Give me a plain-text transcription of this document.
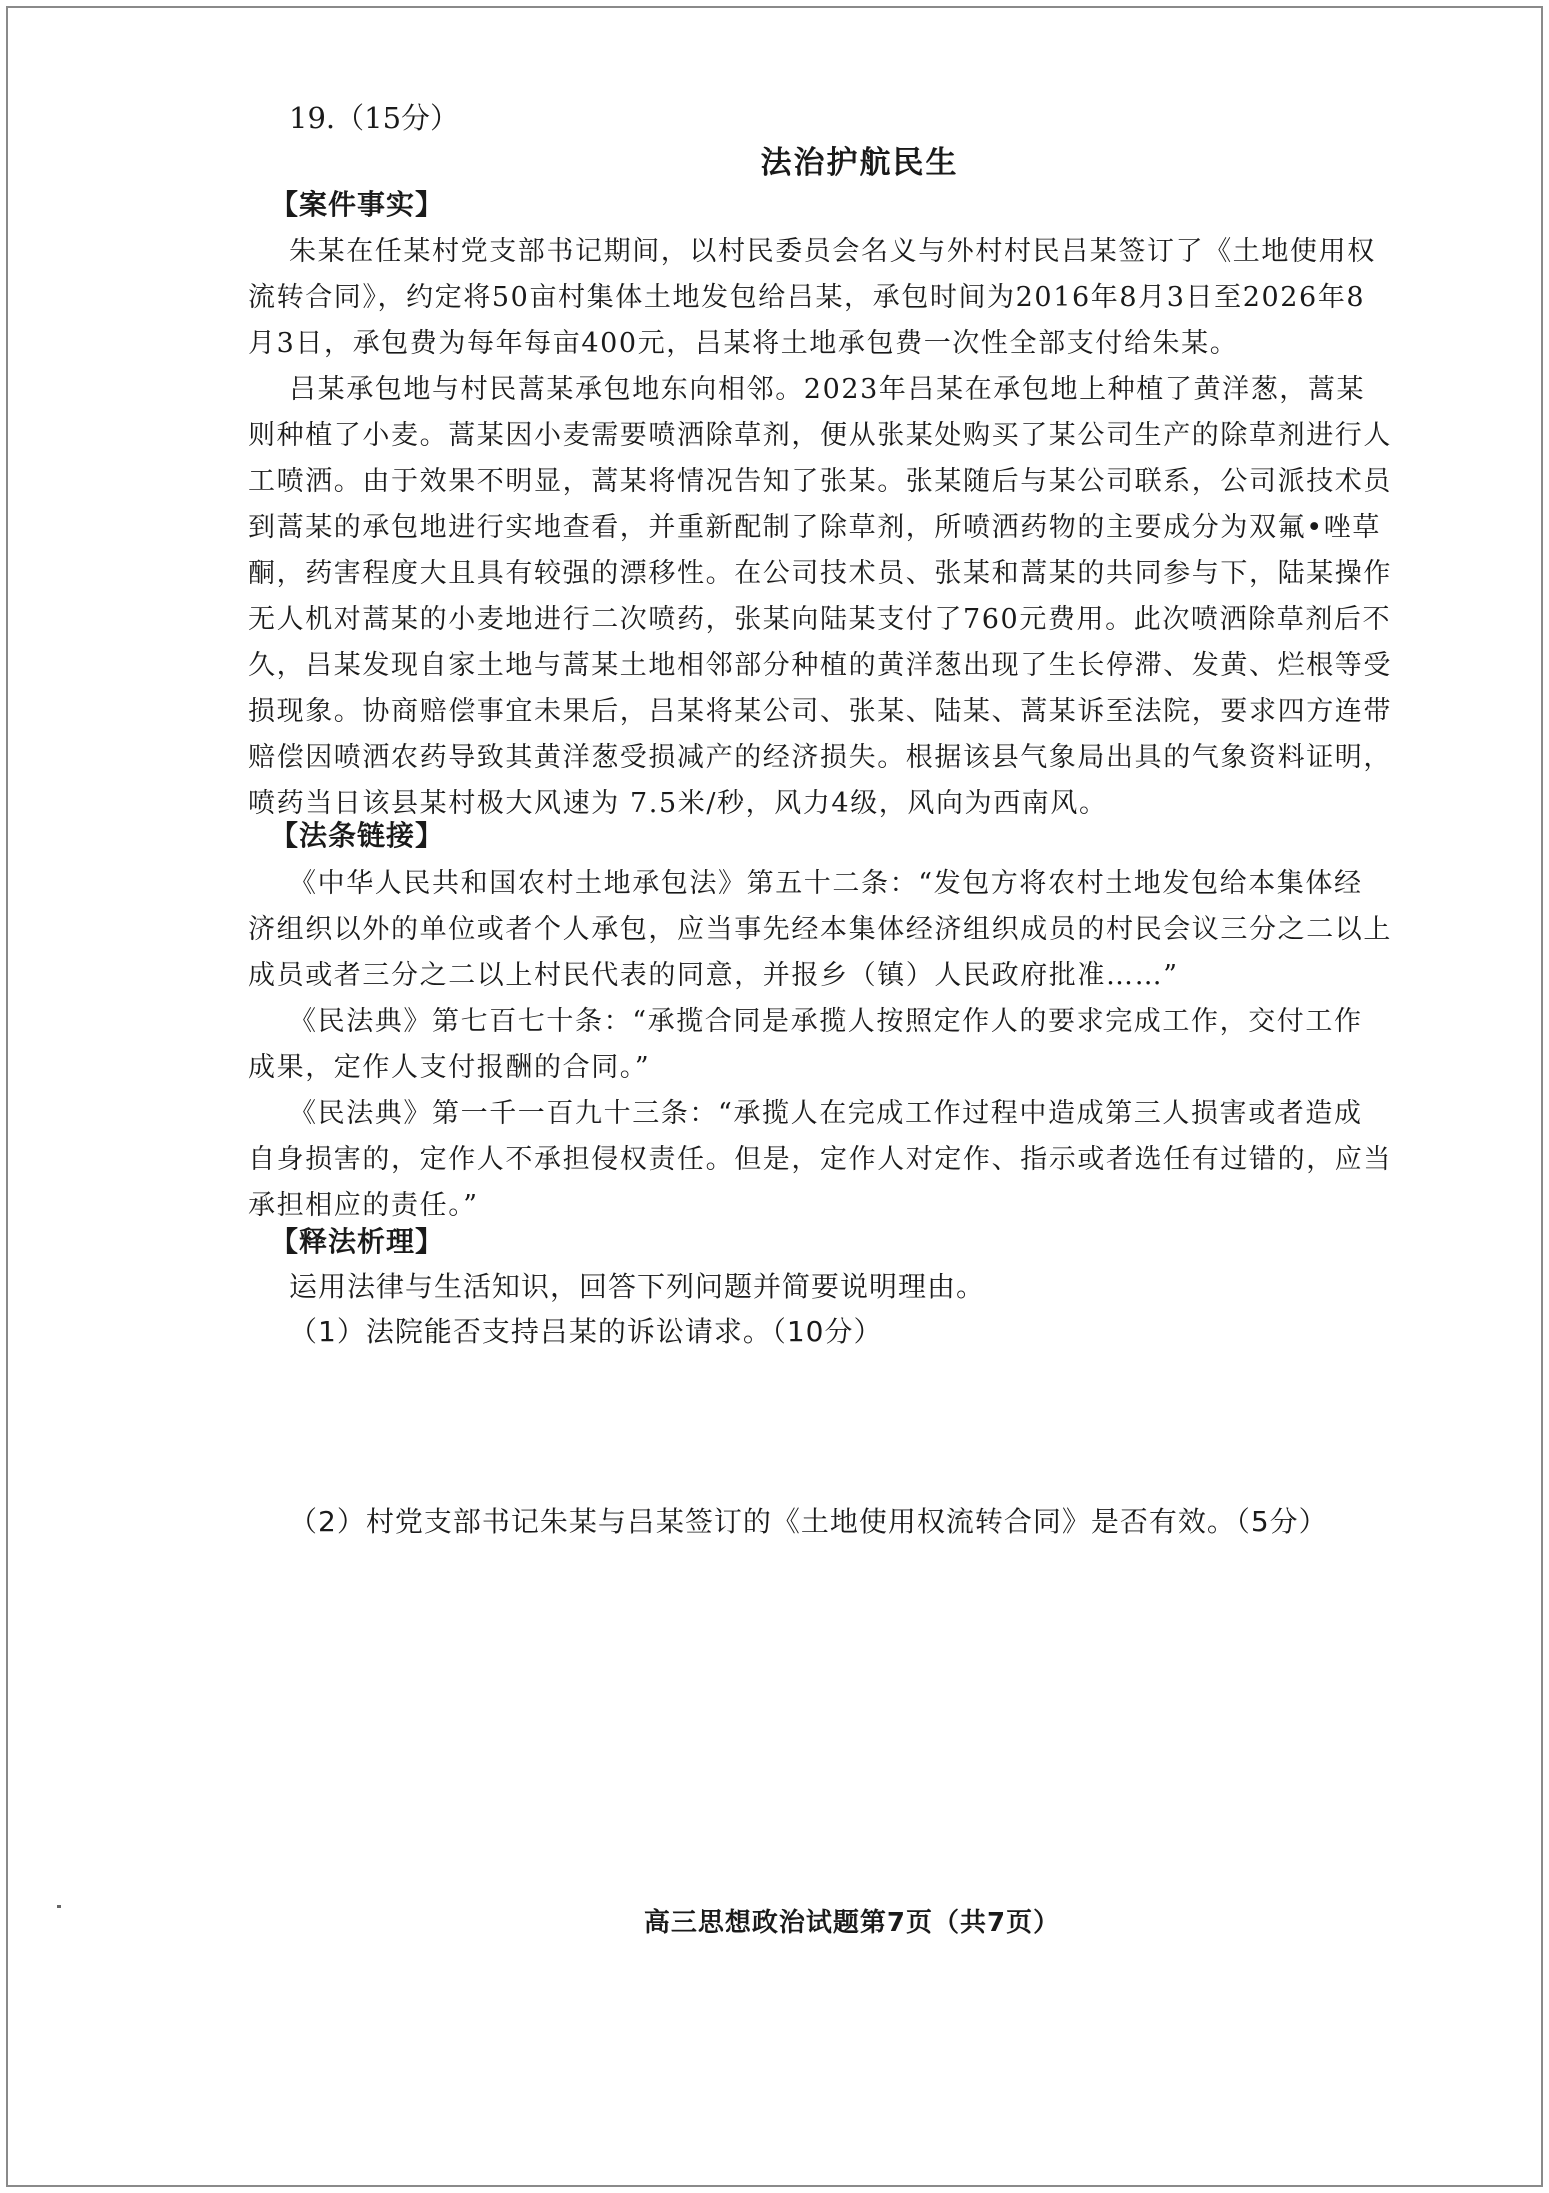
19.（15分）
法治护航民生
【案件事实】
朱某在任某村党支部书记期间，以村民委员会名义与外村村民吕某签订了《土地使用权
流转合同》，约定将50亩村集体土地发包给吕某，承包时间为2016年8月3日至2026年8
月3日，承包费为每年每亩400元，吕某将土地承包费一次性全部支付给朱某。
吕某承包地与村民蒿某承包地东向相邻。2023年吕某在承包地上种植了黄洋葱，蒿某
则种植了小麦。蒿某因小麦需要喷洒除草剂，便从张某处购买了某公司生产的除草剂进行人
工喷洒。由于效果不明显，蒿某将情况告知了张某。张某随后与某公司联系，公司派技术员
到蒿某的承包地进行实地查看，并重新配制了除草剂，所喷洒药物的主要成分为双氟•唑草
酮，药害程度大且具有较强的漂移性。在公司技术员、张某和蒿某的共同参与下，陆某操作
无人机对蒿某的小麦地进行二次喷药，张某向陆某支付了760元费用。此次喷洒除草剂后不
久，吕某发现自家土地与蒿某土地相邻部分种植的黄洋葱出现了生长停滞、发黄、烂根等受
损现象。协商赔偿事宜未果后，吕某将某公司、张某、陆某、蒿某诉至法院，要求四方连带
赔偿因喷洒农药导致其黄洋葱受损减产的经济损失。根据该县气象局出具的气象资料证明，
喷药当日该县某村极大风速为 7.5米/秒，风力4级，风向为西南风。
【法条链接】
《中华人民共和国农村土地承包法》第五十二条：“发包方将农村土地发包给本集体经
济组织以外的单位或者个人承包，应当事先经本集体经济组织成员的村民会议三分之二以上
成员或者三分之二以上村民代表的同意，并报乡（镇）人民政府批准……”
《民法典》第七百七十条：“承揽合同是承揽人按照定作人的要求完成工作，交付工作
成果，定作人支付报酬的合同。”
《民法典》第一千一百九十三条：“承揽人在完成工作过程中造成第三人损害或者造成
自身损害的，定作人不承担侵权责任。但是，定作人对定作、指示或者选任有过错的，应当
承担相应的责任。”
【释法析理】
运用法律与生活知识，回答下列问题并简要说明理由。
（1）法院能否支持吕某的诉讼请求。（10分）
（2）村党支部书记朱某与吕某签订的《土地使用权流转合同》是否有效。（5分）
高三思想政治试题第7页（共7页）
